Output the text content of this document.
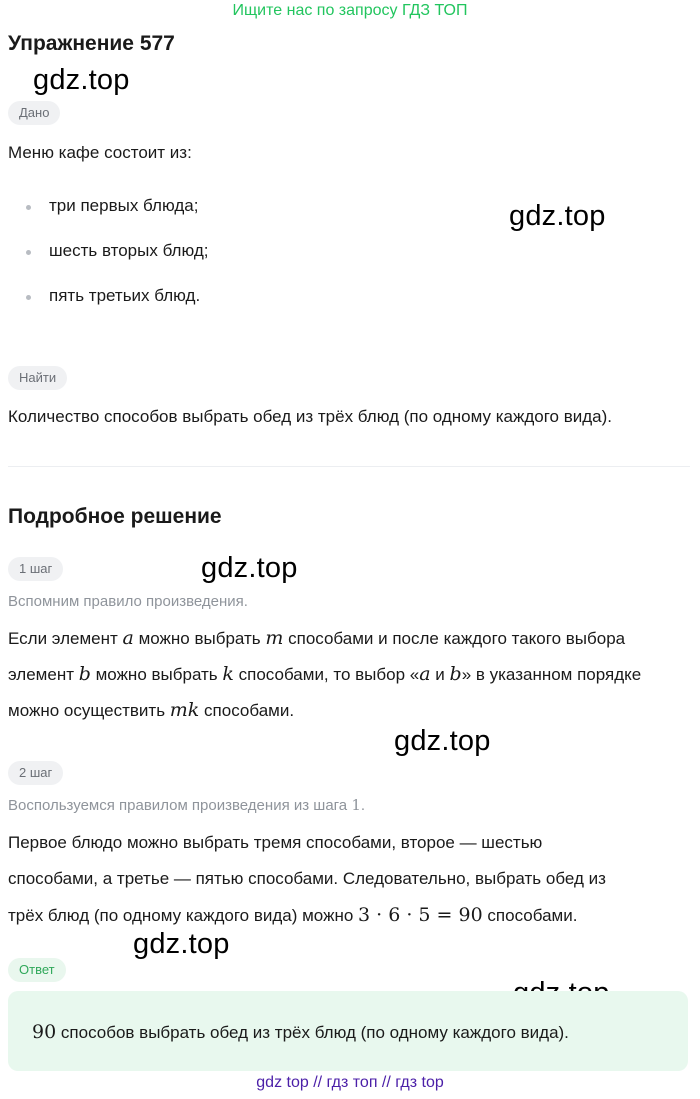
Ищите нас по запросу ГДЗ ТОП
Упражнение 577
gdz.top
gdz.top
gdz.top
gdz.top
gdz.top
Дано
Меню кафе состоит из:
три первых блюда;
шесть вторых блюд;
пять третьих блюд.
Найти
Количество способов выбрать обед из трёх блюд (по одному каждого вида).
Подробное решение
1 шаг
Вспомним правило произведения.
Если элемент a можно выбрать m способами и после каждого такого выбора
элемент b можно выбрать k способами, то выбор «a и b» в указанном порядке
можно осуществить mk способами.
2 шаг
Воспользуемся правилом произведения из шага 1.
Первое блюдо можно выбрать тремя способами, второе — шестью
способами, а третье — пятью способами. Следовательно, выбрать обед из
трёх блюд (по одному каждого вида) можно 3 · 6 · 5 = 90 способами.
Ответ
90 способов выбрать обед из трёх блюд (по одному каждого вида).
gdz top // гдз топ // гдз top
